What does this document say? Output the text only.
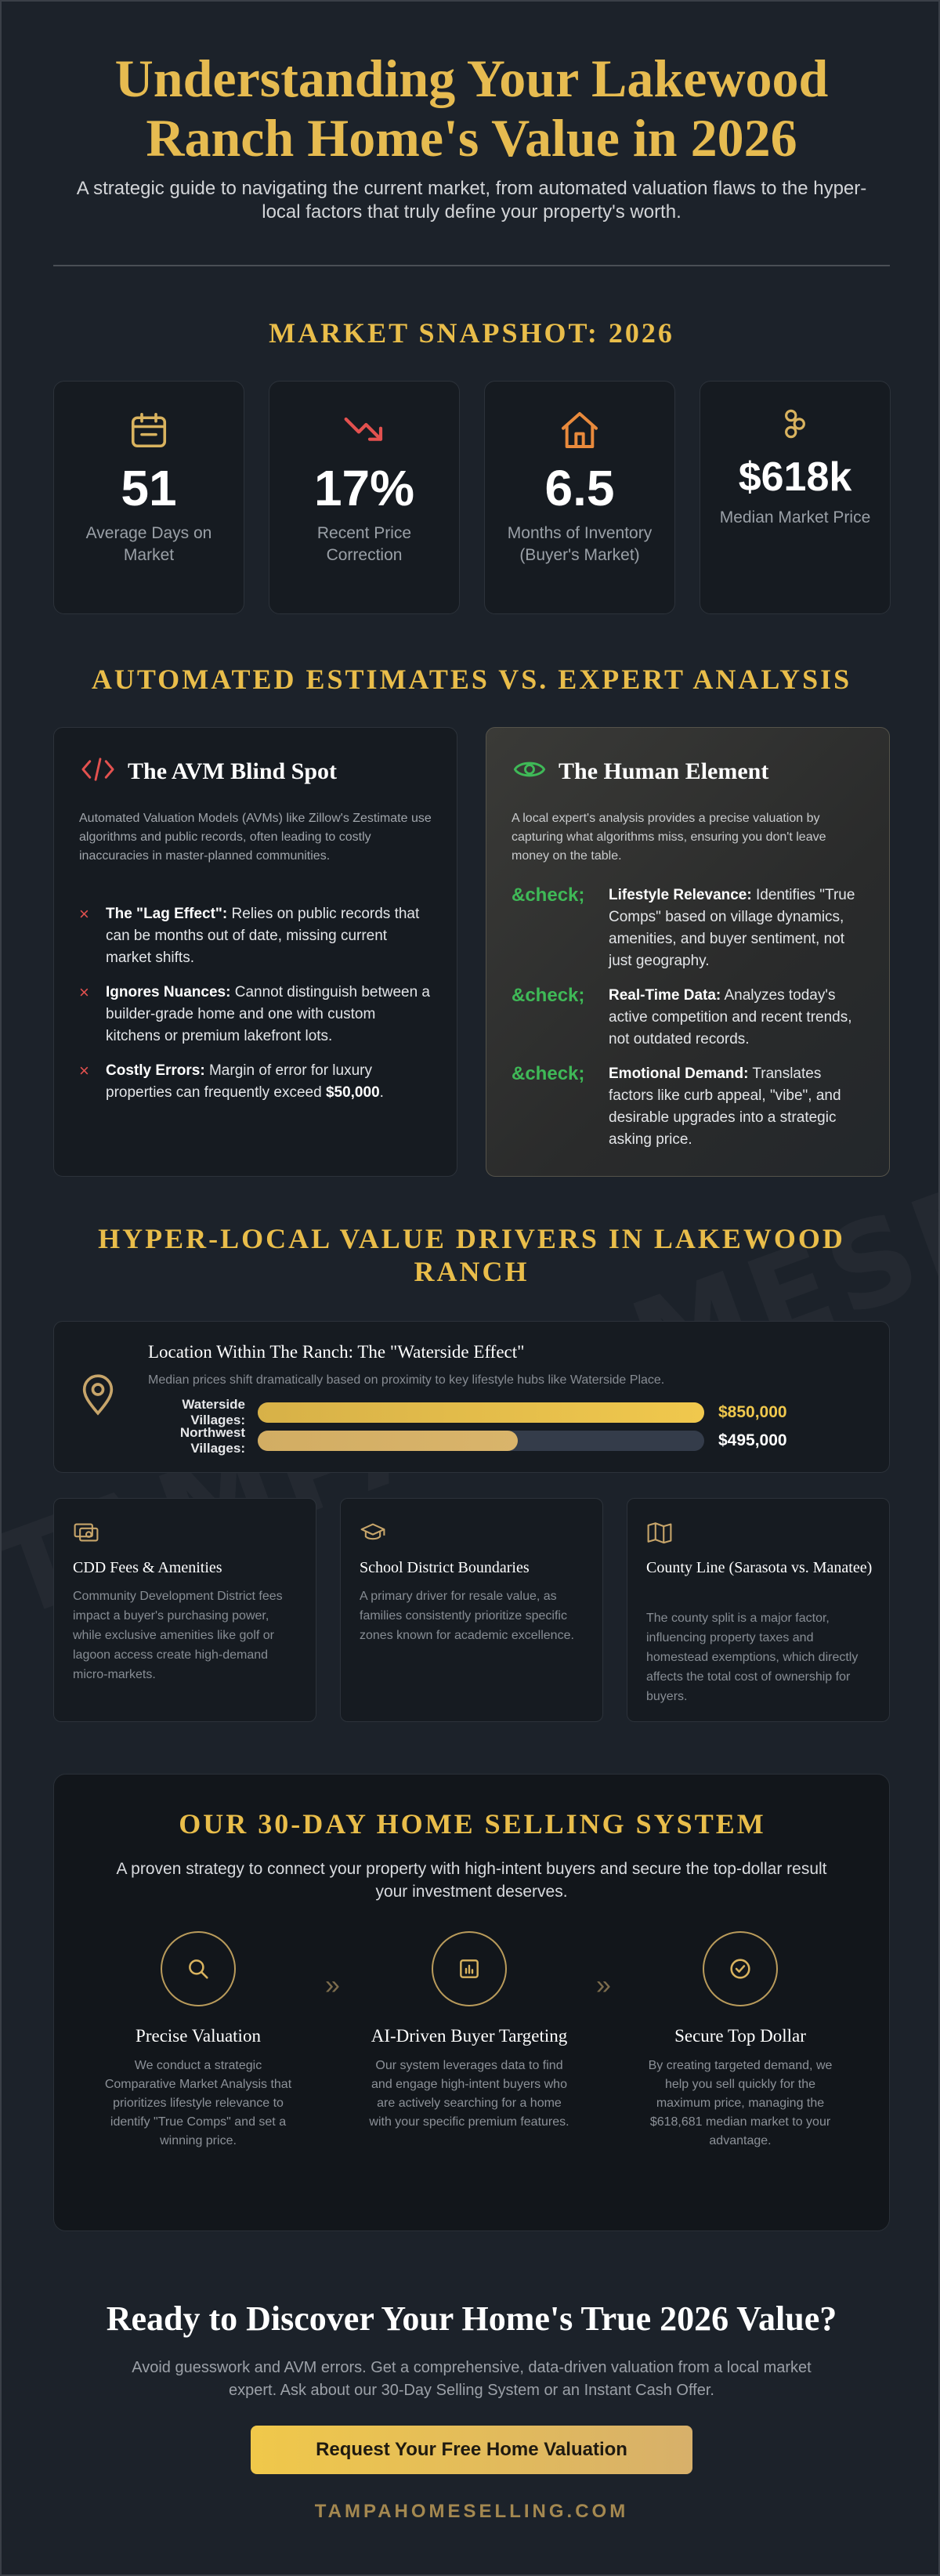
Understanding Your Lakewood Ranch Home's Value in 2026

A strategic guide to navigating the current market, from automated valuation flaws to the hyper-local factors that truly define your property's worth.

MARKET SNAPSHOT: 2026
51
Average Days on Market
17%
Recent Price Correction
6.5
Months of Inventory (Buyer's Market)
$618k
Median Market Price
AUTOMATED ESTIMATES VS. EXPERT ANALYSIS
The AVM Blind Spot

Automated Valuation Models (AVMs) like Zillow's Zestimate use algorithms and public records, often leading to costly inaccuracies in master-planned communities.

×	The "Lag Effect": Relies on public records that can be months out of date, missing current market shifts.

×	Ignores Nuances: Cannot distinguish between a builder-grade home and one with custom kitchens or premium lakefront lots.

×	Costly Errors: Margin of error for luxury properties can frequently exceed $50,000.

The Human Element

A local expert's analysis provides a precise valuation by capturing what algorithms miss, ensuring you don't leave money on the table.

&check;	Lifestyle Relevance: Identifies "True Comps" based on village dynamics, amenities, and buyer sentiment, not just geography.

&check;	Real-Time Data: Analyzes today's active competition and recent trends, not outdated records.

&check;	Emotional Demand: Translates factors like curb appeal, "vibe", and desirable upgrades into a strategic asking price.

HYPER-LOCAL VALUE DRIVERS IN LAKEWOOD RANCH
Location Within The Ranch: The "Waterside Effect"
Median prices shift dramatically based on proximity to key lifestyle hubs like Waterside Place.
Waterside Villages:	$850,000
Northwest Villages:	$495,000
CDD Fees & Amenities
Community Development District fees impact a buyer's purchasing power, while exclusive amenities like golf or lagoon access create high-demand micro-markets.
School District Boundaries
A primary driver for resale value, as families consistently prioritize specific zones known for academic excellence.
County Line (Sarasota vs. Manatee)
The county split is a major factor, influencing property taxes and homestead exemptions, which directly affects the total cost of ownership for buyers.
OUR 30-DAY HOME SELLING SYSTEM

A proven strategy to connect your property with high-intent buyers and secure the top-dollar result your investment deserves.

Precise Valuation
We conduct a strategic Comparative Market Analysis that prioritizes lifestyle relevance to identify "True Comps" and set a winning price.
»
AI-Driven Buyer Targeting
Our system leverages data to find and engage high-intent buyers who are actively searching for a home with your specific premium features.
»
Secure Top Dollar
By creating targeted demand, we help you sell quickly for the maximum price, managing the $618,681 median market to your advantage.
Ready to Discover Your Home's True 2026 Value?

Avoid guesswork and AVM errors. Get a comprehensive, data-driven valuation from a local market expert. Ask about our 30-Day Selling System or an Instant Cash Offer.

Request Your Free Home Valuation
TAMPAHOMESELLING.COM
